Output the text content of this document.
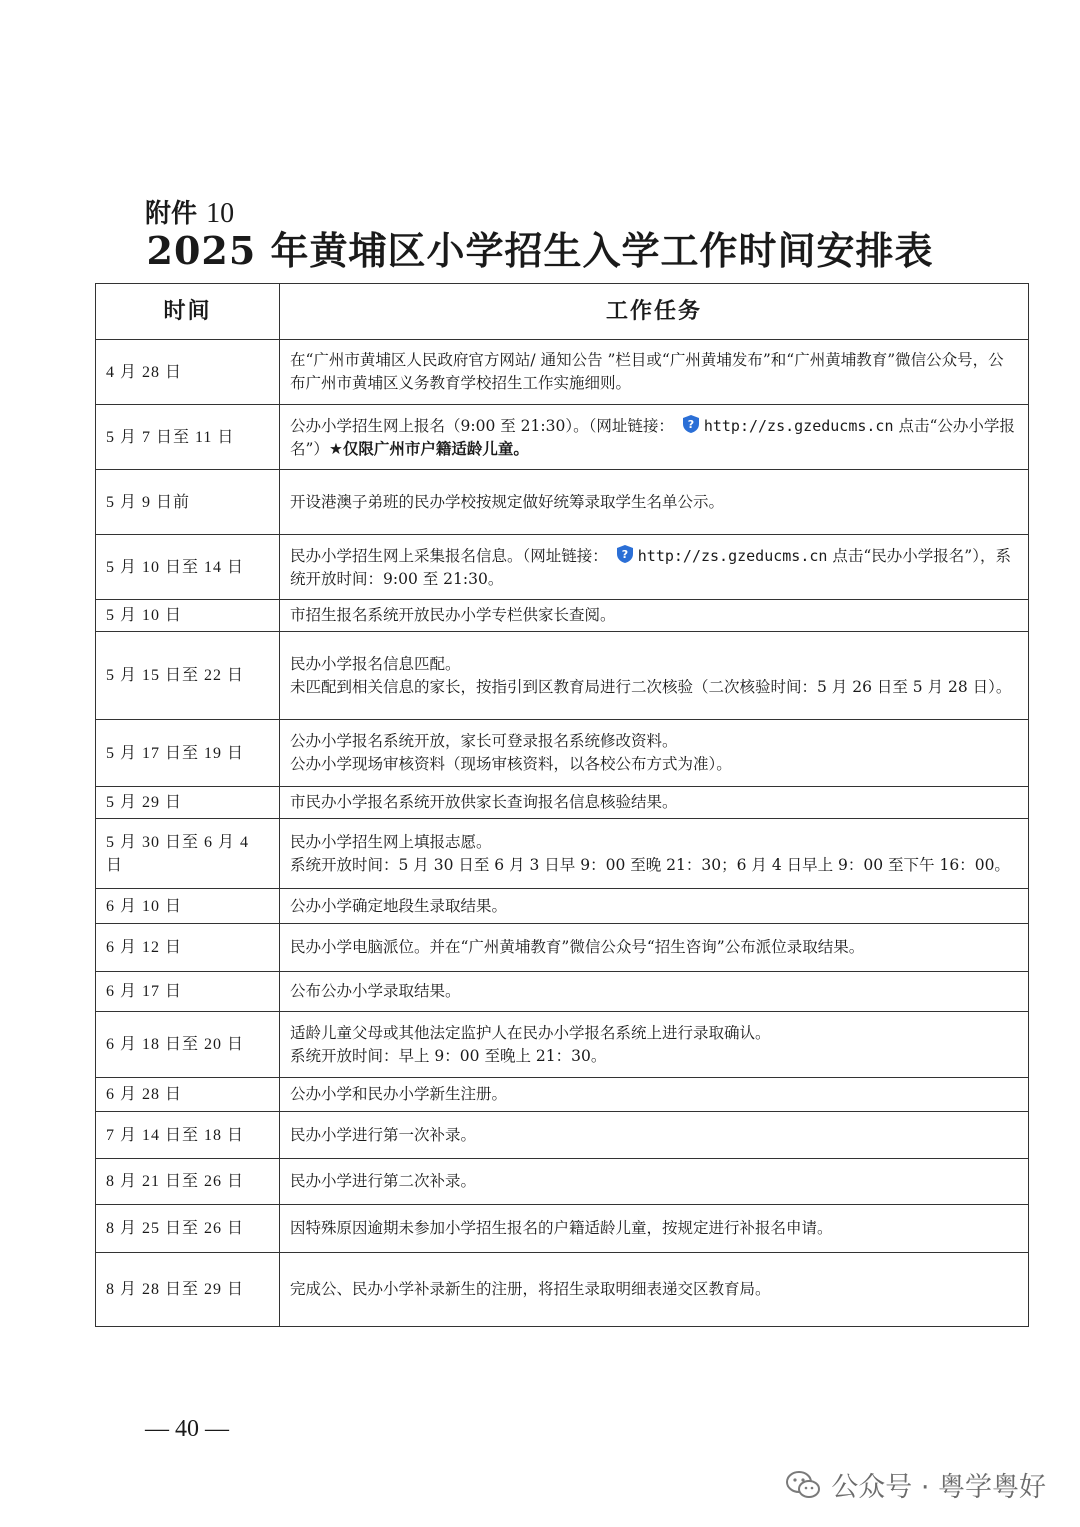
附件 10
2025 年黄埔区小学招生入学工作时间安排表
时间	工作任务
4 月 28 日	在“广州市黄埔区人民政府官方网站/ 通知公告 ”栏目或“广州黄埔发布”和“广州黄埔教育”微信公众号，公布广州市黄埔区义务教育学校招生工作实施细则。

5 月 7 日至 11 日	公办小学招生网上报名（9:00 至 21:30）。（网址链接： ? http://zs.gzeducms.cn 点击“公办小学报名”）★仅限广州市户籍适龄儿童。
5 月 9 日前	开设港澳子弟班的民办学校按规定做好统筹录取学生名单公示。

5 月 10 日至 14 日	民办小学招生网上采集报名信息。（网址链接： ? http://zs.gzeducms.cn 点击“民办小学报名”），系统开放时间：9:00 至 21:30。
5 月 10 日	市招生报名系统开放民办小学专栏供家长查阅。

5 月 15 日至 22 日	民办小学报名信息匹配。
未匹配到相关信息的家长，按指引到区教育局进行二次核验（二次核验时间：5 月 26 日至 5 月 28 日）。

5 月 17 日至 19 日	公办小学报名系统开放，家长可登录报名系统修改资料。
公办小学现场审核资料（现场审核资料，以各校公布方式为准）。

5 月 29 日	市民办小学报名系统开放供家长查询报名信息核验结果。

5 月 30 日至 6 月 4 日	民办小学招生网上填报志愿。
系统开放时间：5 月 30 日至 6 月 3 日早 9：00 至晚 21：30；6 月 4 日早上 9：00 至下午 16：00。

6 月 10 日	公办小学确定地段生录取结果。

6 月 12 日	民办小学电脑派位。并在“广州黄埔教育”微信公众号“招生咨询”公布派位录取结果。

6 月 17 日	公布公办小学录取结果。

6 月 18 日至 20 日	适龄儿童父母或其他法定监护人在民办小学报名系统上进行录取确认。
系统开放时间：早上 9：00 至晚上 21：30。

6 月 28 日	公办小学和民办小学新生注册。

7 月 14 日至 18 日	民办小学进行第一次补录。

8 月 21 日至 26 日	民办小学进行第二次补录。

8 月 25 日至 26 日	因特殊原因逾期未参加小学招生报名的户籍适龄儿童，按规定进行补报名申请。

8 月 28 日至 29 日	完成公、民办小学补录新生的注册，将招生录取明细表递交区教育局。
— 40 —
公众号 · 粤学粤好
